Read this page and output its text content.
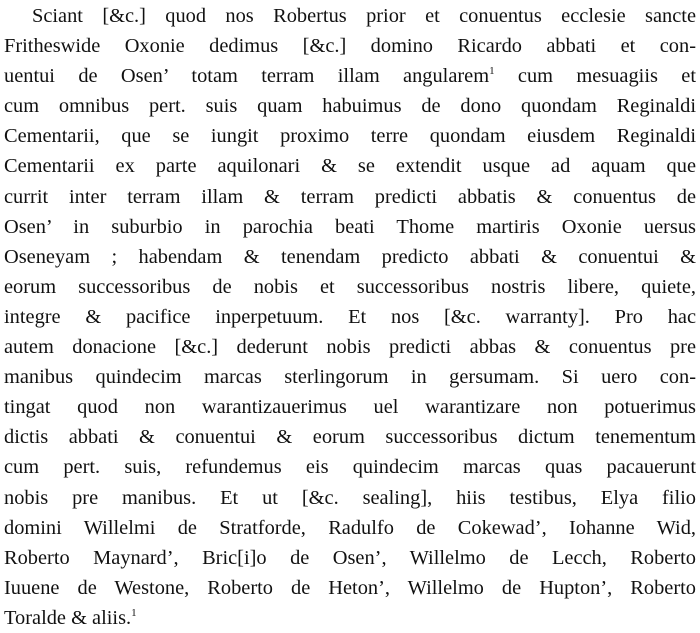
Sciant [&c.] quod nos Robertus prior et conuentus ecclesie sancte
Fritheswide Oxonie dedimus [&c.] domino Ricardo abbati et con-
uentui de Osen’ totam terram illam angularem$^1$ cum mesuagiis et
cum omnibus pert. suis quam habuimus de dono quondam Reginaldi
Cementarii, que se iungit proximo terre quondam eiusdem Reginaldi
Cementarii ex parte aquilonari & se extendit usque ad aquam que
currit inter terram illam & terram predicti abbatis & conuentus de
Osen’ in suburbio in parochia beati Thome martiris Oxonie uersus
Oseneyam ; habendam & tenendam predicto abbati & conuentui &
eorum successoribus de nobis et successoribus nostris libere, quiete,
integre & pacifice inperpetuum. Et nos [&c. warranty]. Pro hac
autem donacione [&c.] dederunt nobis predicti abbas & conuentus pre
manibus quindecim marcas sterlingorum in gersumam. Si uero con-
tingat quod non warantizauerimus uel warantizare non potuerimus
dictis abbati & conuentui & eorum successoribus dictum tenementum
cum pert. suis, refundemus eis quindecim marcas quas pacauerunt
nobis pre manibus. Et ut [&c. sealing], hiis testibus, Elya filio
domini Willelmi de Stratforde, Radulfo de Cokewad’, Iohanne Wid,
Roberto Maynard’, Bric[i]o de Osen’, Willelmo de Lecch, Roberto
Iuuene de Westone, Roberto de Heton’, Willelmo de Hupton’, Roberto
Toralde & aliis.$^1$
